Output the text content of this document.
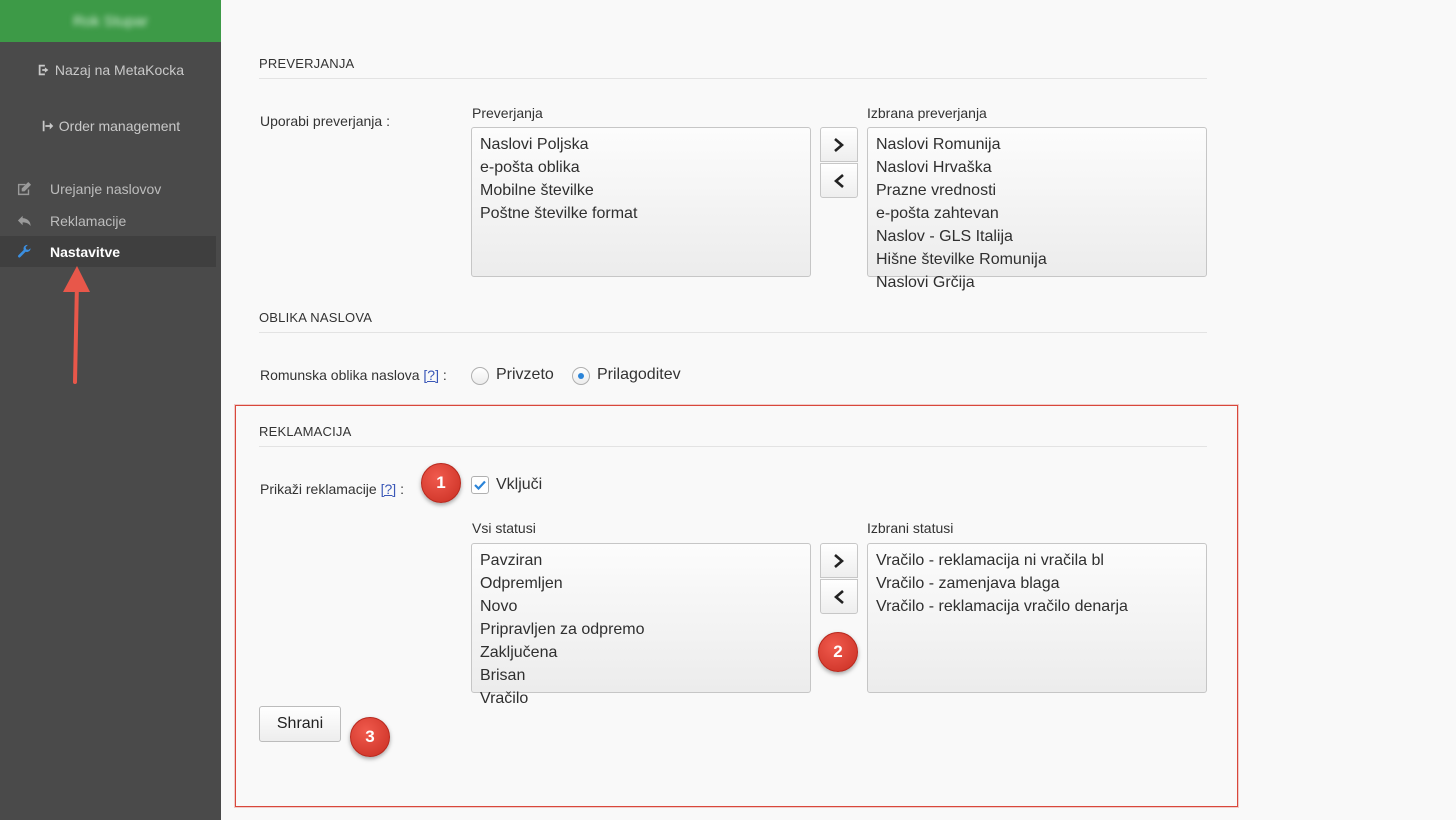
Rok Stupar
Nazaj na MetaKocka
Order management
Urejanje naslovov
Reklamacije
Nastavitve
PREVERJANJA
Uporabi preverjanja :	Preverjanja
Naslovi Poljska
e-pošta oblika
Mobilne številke
Poštne številke format
Izbrana preverjanja
Naslovi Romunija
Naslovi Hrvaška
Prazne vrednosti
e-pošta zahtevan
Naslov - GLS Italija
Hišne številke Romunija
Naslovi Grčija
OBLIKA NASLOVA
Romunska oblika naslova [?] :	Privzeto	Prilagoditev
REKLAMACIJA
Prikaži reklamacije [?] :	Vključi
Vsi statusi
Pavziran
Odpremljen
Novo
Pripravljen za odpremo
Zaključena
Brisan
Vračilo
Izbrani statusi
Vračilo - reklamacija ni vračila bl
Vračilo - zamenjava blaga
Vračilo - reklamacija vračilo denarja
Shrani
1
2
3
